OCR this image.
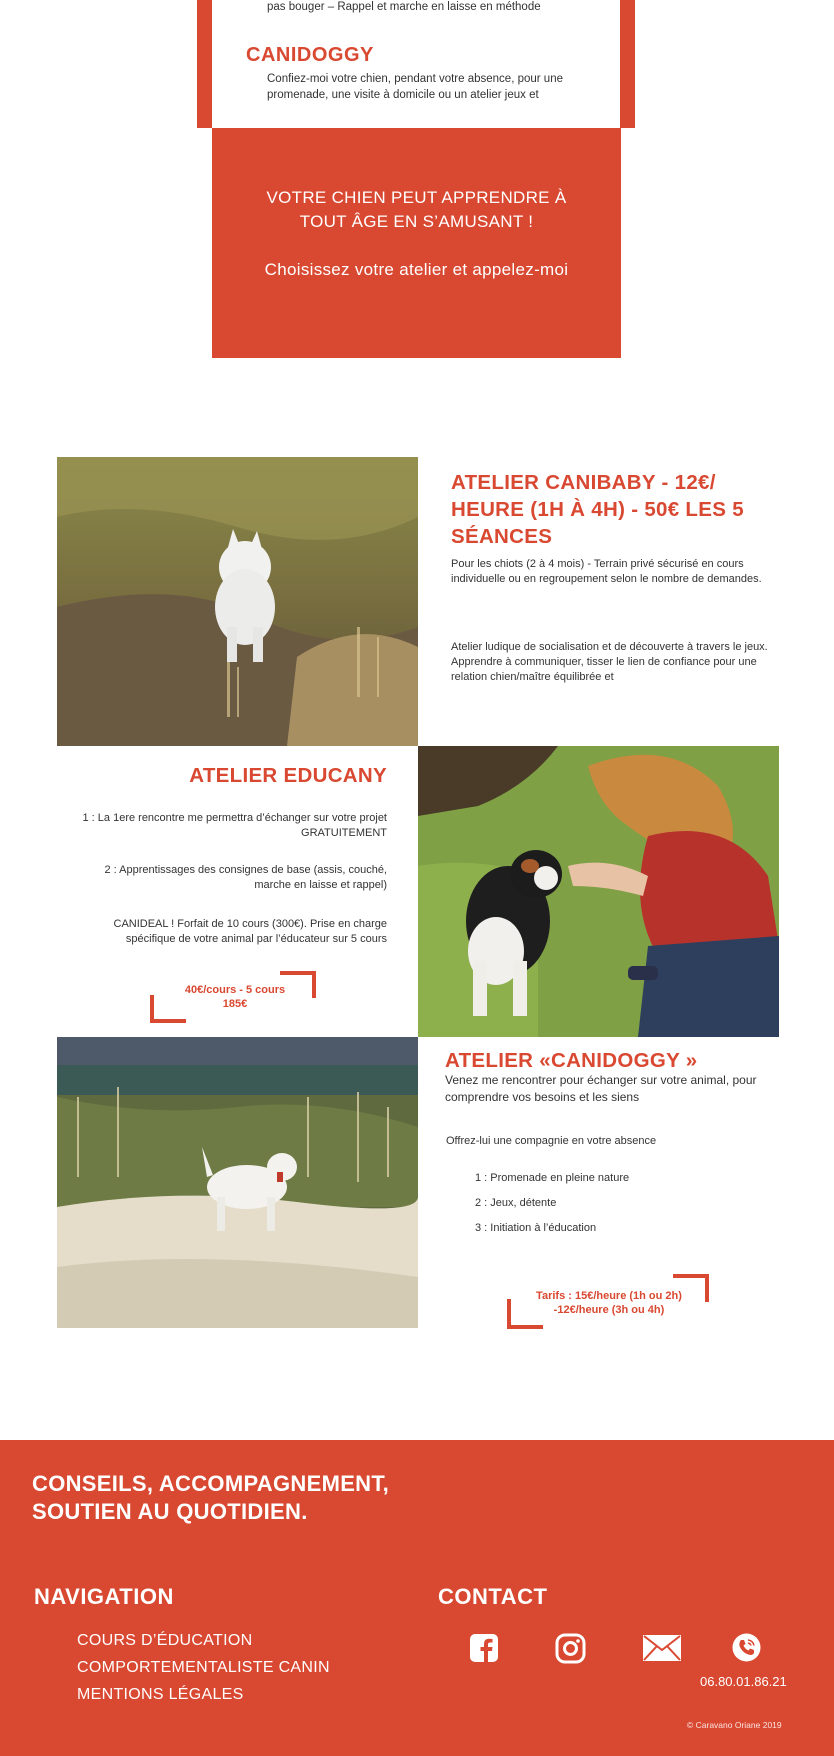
pas bouger – Rappel et marche en laisse en méthode
CANIDOGGY
Confiez-moi votre chien, pendant votre absence, pour une promenade, une visite à domicile ou un atelier jeux et
VOTRE CHIEN PEUT APPRENDRE À
TOUT ÂGE EN S’AMUSANT !
Choisissez votre atelier et appelez-moi
ATELIER CANIBABY - 12€/ HEURE (1H À 4H) - 50€ LES 5 SÉANCES
Pour les chiots (2 à 4 mois) - Terrain privé sécurisé en cours individuelle ou en regroupement selon le nombre de demandes.
Atelier ludique de socialisation et de découverte à travers le jeux. Apprendre à communiquer, tisser le lien de confiance pour une relation chien/maître équilibrée et
ATELIER EDUCANY
1 : La 1ere rencontre me permettra d’échanger sur votre projet GRATUITEMENT
2 : Apprentissages des consignes de base (assis, couché, marche en laisse et rappel)
CANIDEAL ! Forfait de 10 cours (300€). Prise en charge spécifique de votre animal par l’éducateur sur 5 cours
40€/cours - 5 cours
185€
ATELIER «CANIDOGGY »
Venez me rencontrer pour échanger sur votre animal, pour comprendre vos besoins et les siens
Offrez-lui une compagnie en votre absence
1 : Promenade en pleine nature
2 : Jeux, détente
3 : Initiation à l’éducation
Tarifs : 15€/heure (1h ou 2h)
-12€/heure (3h ou 4h)
CONSEILS, ACCOMPAGNEMENT,
SOUTIEN AU QUOTIDIEN.
NAVIGATION
COURS D’ÉDUCATION
COMPORTEMENTALISTE CANIN
MENTIONS LÉGALES
CONTACT
06.80.01.86.21
© Caravano Oriane 2019
